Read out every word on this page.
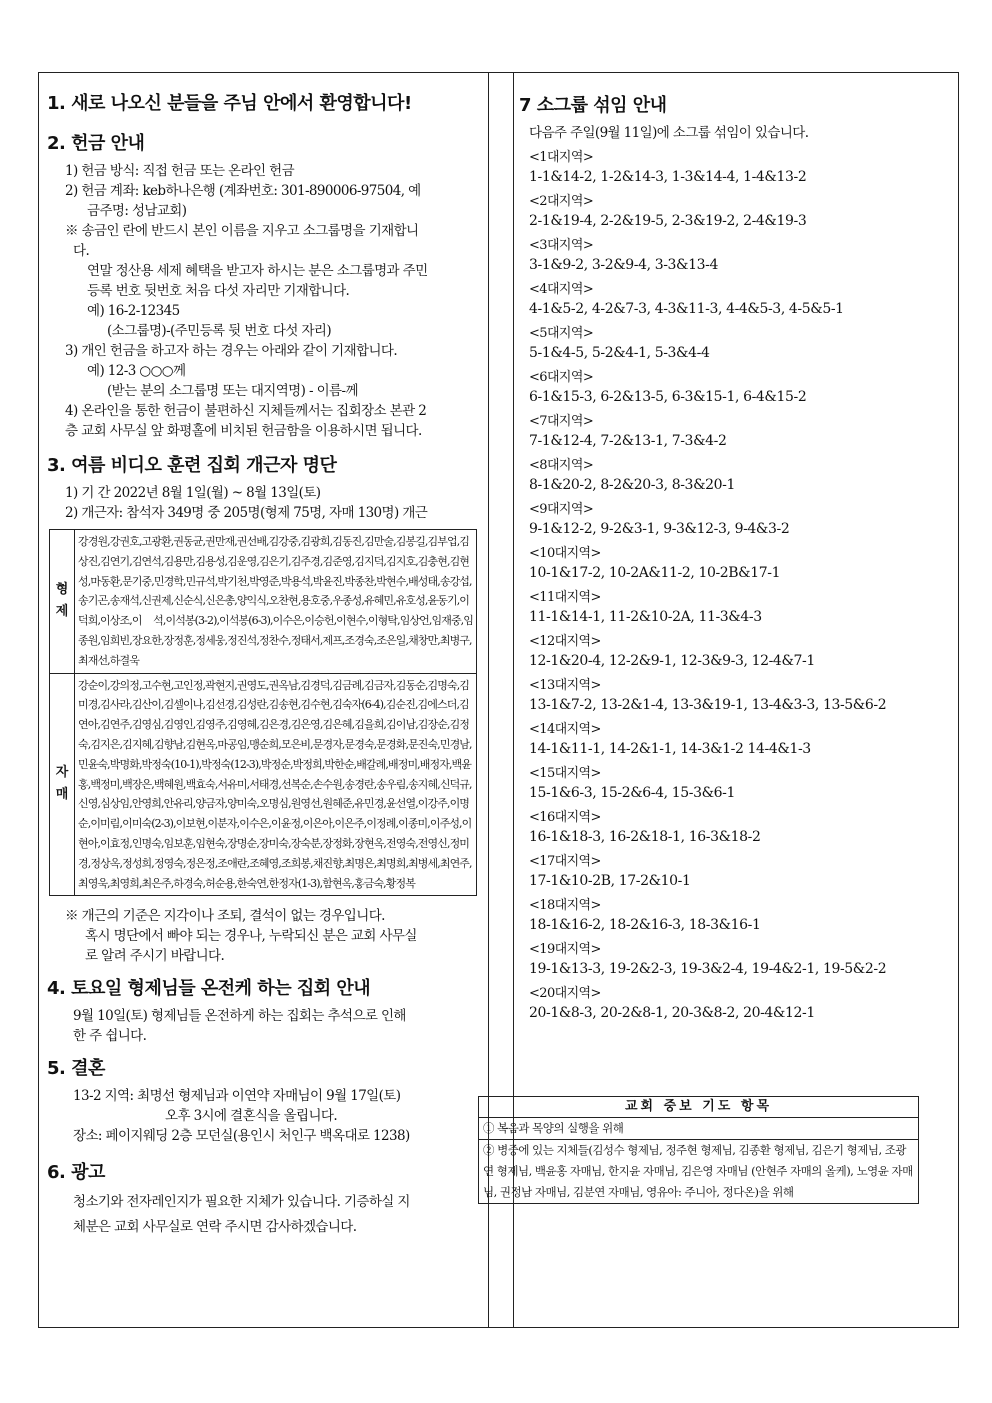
1. 새로 나오신 분들을 주님 안에서 환영합니다!
2. 헌금 안내

1) 헌금 방식: 직접 헌금 또는 온라인 헌금

2) 헌금 계좌: keb하나은행 (계좌번호: 301-890006-97504, 예

금주명: 성남교회)

※ 송금인 란에 반드시 본인 이름을 지우고 소그룹명을 기재합니

다.

연말 정산용 세제 혜택을 받고자 하시는 분은 소그룹명과 주민

등록 번호 뒷번호 처음 다섯 자리만 기재합니다.

예) 16-2-12345

(소그룹명)-(주민등록 뒷 번호 다섯 자리)

3) 개인 헌금을 하고자 하는 경우는 아래와 같이 기재합니다.

예) 12-3 ○○○께

(받는 분의 소그룹명 또는 대지역명) - 이름-께

4) 온라인을 통한 헌금이 불편하신 지체들께서는 집회장소 본관 2

층 교회 사무실 앞 화평홀에 비치된 헌금함을 이용하시면 됩니다.

3. 여름 비디오 훈련 집회 개근자 명단

1) 기 간 2022년 8월 1일(월) ~ 8월 13일(토)

2) 개근자: 참석자 349명 중 205명(형제 75명, 자매 130명) 개근

형
제	강경원,강권호,고광환,권동균,권만재,권선배,김강중,김광희,김동진,김만술,김봉길,김부업,김상진,김연기,김연석,김용만,김용성,김운영,김은기,김주경,김준영,김지덕,김지호,김충현,김현성,마동환,문기중,민경학,민규석,박기천,박영준,박용석,박윤진,박종찬,박현수,배성태,송강섭,송기곤,송재석,신권제,신순식,신은총,양익식,오찬현,용호중,우종성,유혜민,유호성,윤동기,이덕희,이상조,이 석,이석봉(3-2),이석봉(6-3),이수은,이승헌,이현수,이형탁,임상언,임재중,임종원,임희빈,장요한,장정훈,정세웅,정진석,정찬수,정태서,제프,조경숙,조은일,채창만,최병구,최재선,하결욱
자
매	강순이,강의정,고수현,고인정,곽현지,권영도,권옥남,김경덕,김금례,김금자,김동순,김명숙,김미경,김사라,김산이,김셀이나,김선경,김성란,김송현,김수현,김숙자(6-4),김순진,김에스더,김연아,김연주,김영심,김영인,김영주,김영혜,김은경,김은영,김은혜,김을희,김이남,김장순,김정숙,김지은,김지혜,김향남,김현옥,마공임,맹순희,모은비,문경자,문경숙,문경화,문진숙,민경남,민윤숙,박명화,박정숙(10-1),박정숙(12-3),박정순,박정희,박한순,배갈례,배정미,배정자,백윤홍,백정미,백장은,백혜원,백효숙,서유미,서태경,선복순,손수원,송경란,송우림,송지혜,신덕규,신영,심상임,안영희,안유리,양금자,양미숙,오명심,원영선,원혜준,유민경,윤선열,이강주,이명순,이미림,이미숙(2-3),이보현,이분자,이수은,이윤정,이은아,이은주,이정례,이종미,이주성,이현아,이효정,인명숙,임보훈,임현숙,장명순,장미숙,장숙분,장정화,장현옥,전영숙,전영신,정미경,정상옥,정성희,정영숙,정은정,조애란,조혜영,조희봉,채진향,최명은,최명희,최병세,최연주,최영욱,최영희,최은주,하경숙,허순용,한숙연,한정자(1-3),함현옥,홍금숙,황정복

※ 개근의 기준은 지각이나 조퇴, 결석이 없는 경우입니다.

혹시 명단에서 빠야 되는 경우나, 누락되신 분은 교회 사무실

로 알려 주시기 바랍니다.

4. 토요일 형제님들 온전케 하는 집회 안내

9월 10일(토) 형제님들 온전하게 하는 집회는 추석으로 인해

한 주 쉽니다.

5. 결혼

13-2 지역: 최명선 형제님과 이연약 자매님이 9월 17일(토)

오후 3시에 결혼식을 올립니다.

장소: 페이지웨딩 2층 모던실(용인시 처인구 백옥대로 1238)

6. 광고

청소기와 전자레인지가 필요한 지체가 있습니다. 기증하실 지

체분은 교회 사무실로 연락 주시면 감사하겠습니다.

7 소그룹 섞임 안내

다음주 주일(9월 11일)에 소그룹 섞임이 있습니다.

<1대지역>

1-1&14-2, 1-2&14-3, 1-3&14-4, 1-4&13-2

<2대지역>

2-1&19-4, 2-2&19-5, 2-3&19-2, 2-4&19-3

<3대지역>

3-1&9-2, 3-2&9-4, 3-3&13-4

<4대지역>

4-1&5-2, 4-2&7-3, 4-3&11-3, 4-4&5-3, 4-5&5-1

<5대지역>

5-1&4-5, 5-2&4-1, 5-3&4-4

<6대지역>

6-1&15-3, 6-2&13-5, 6-3&15-1, 6-4&15-2

<7대지역>

7-1&12-4, 7-2&13-1, 7-3&4-2

<8대지역>

8-1&20-2, 8-2&20-3, 8-3&20-1

<9대지역>

9-1&12-2, 9-2&3-1, 9-3&12-3, 9-4&3-2

<10대지역>

10-1&17-2, 10-2A&11-2, 10-2B&17-1

<11대지역>

11-1&14-1, 11-2&10-2A, 11-3&4-3

<12대지역>

12-1&20-4, 12-2&9-1, 12-3&9-3, 12-4&7-1

<13대지역>

13-1&7-2, 13-2&1-4, 13-3&19-1, 13-4&3-3, 13-5&6-2

<14대지역>

14-1&11-1, 14-2&1-1, 14-3&1-2 14-4&1-3

<15대지역>

15-1&6-3, 15-2&6-4, 15-3&6-1

<16대지역>

16-1&18-3, 16-2&18-1, 16-3&18-2

<17대지역>

17-1&10-2B, 17-2&10-1

<18대지역>

18-1&16-2, 18-2&16-3, 18-3&16-1

<19대지역>

19-1&13-3, 19-2&2-3, 19-3&2-4, 19-4&2-1, 19-5&2-2

<20대지역>

20-1&8-3, 20-2&8-1, 20-3&8-2, 20-4&12-1

교회 중보 기도 항목
① 복음과 목양의 실행을 위해
② 병중에 있는 지체들(김성수 형제님, 정주현 형제님, 김종환 형제님, 김은기 형제님, 조광연 형제님, 백윤홍 자매님, 한지윤 자매님, 김은영 자매님 (안현주 자매의 올케), 노영윤 자매님, 권정남 자매님, 김분연 자매님, 영유아: 주니아, 정다온)을 위해
